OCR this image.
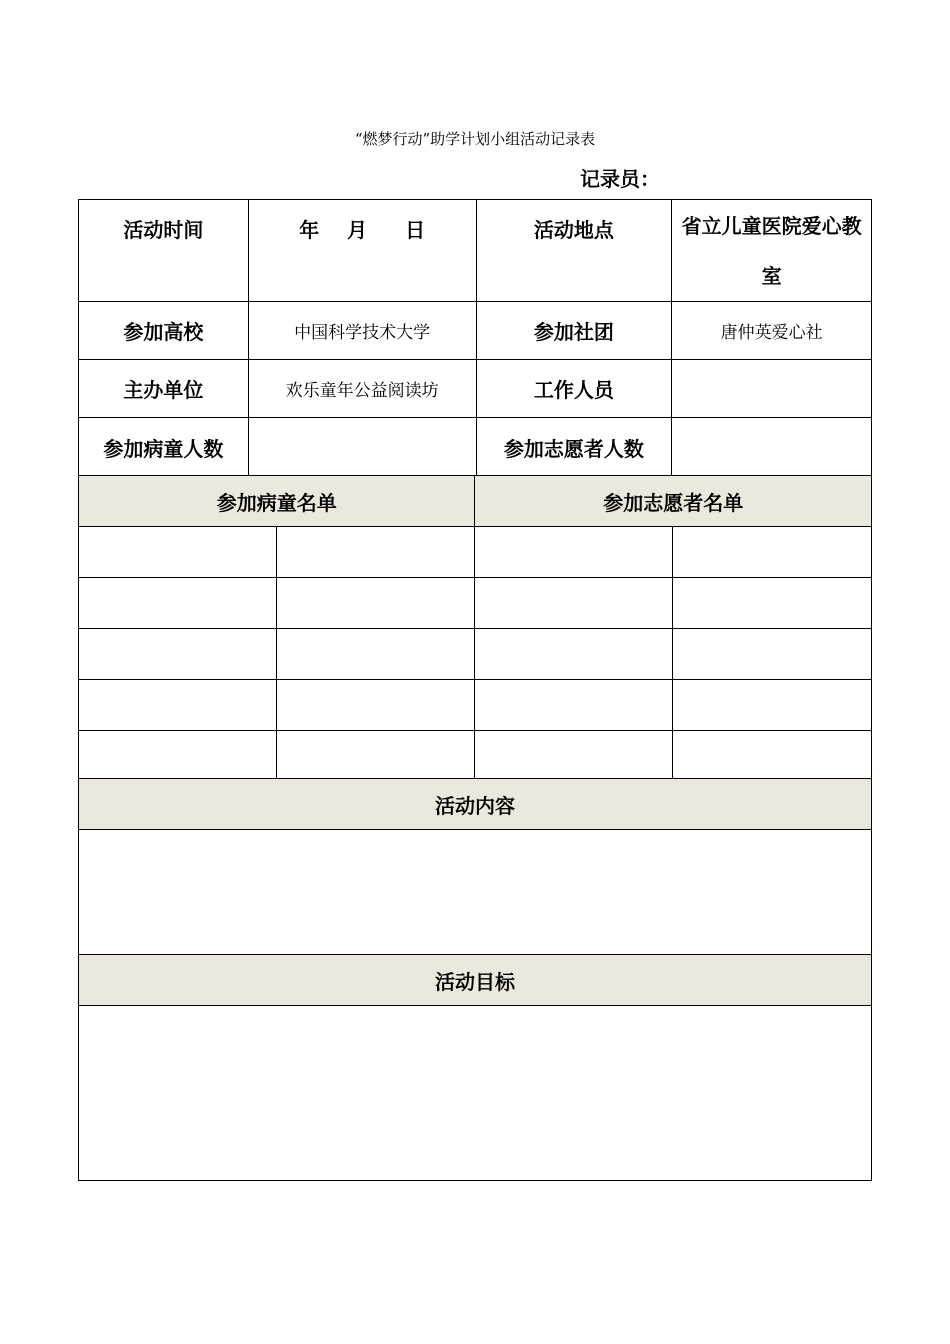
“燃梦行动”助学计划小组活动记录表
记录员：
活动时间	年 月 日	活动地点	省立儿童医院爱心教室
参加高校	中国科学技术大学	参加社团	唐仲英爱心社
主办单位	欢乐童年公益阅读坊	工作人员	
参加病童人数		参加志愿者人数	
参加病童名单		参加志愿者名单	

活动内容

活动目标
